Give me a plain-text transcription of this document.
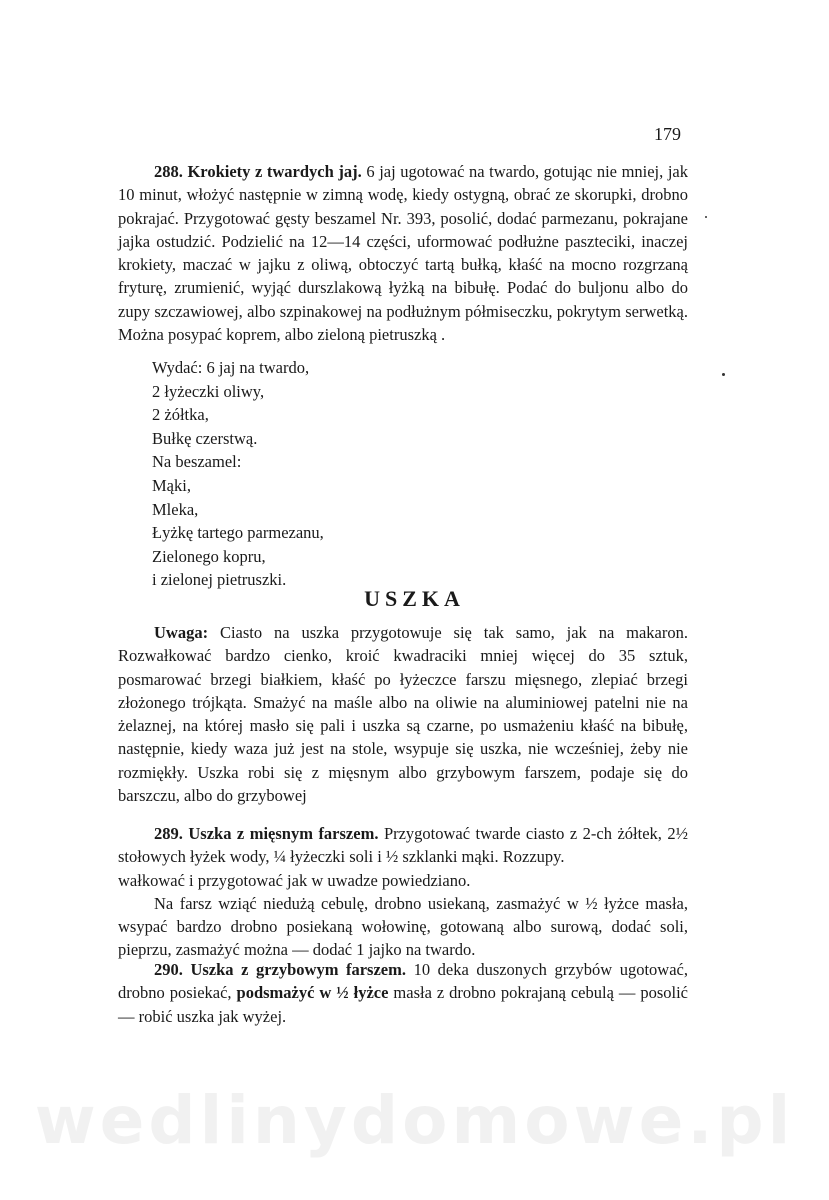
179

288. Krokiety z twardych jaj. 6 jaj ugotować na twardo, gotując nie mniej, jak 10 minut, włożyć następnie w zimną wodę, kiedy ostygną, obrać ze skorupki, drobno pokrajać. Przygotować gęsty beszamel Nr. 393, posolić, dodać parmezanu, pokrajane jajka ostudzić. Podzielić na 12—14 części, uformować podłużne paszteciki, inaczej krokiety, maczać w jajku z oliwą, obtoczyć tartą bułką, kłaść na mocno rozgrzaną fryturę, zrumienić, wyjąć durszlakową łyżką na bibułę. Podać do buljonu albo do zupy szczawiowej, albo szpinakowej na podłużnym półmiseczku, pokrytym serwetką. Można posypać koprem, albo zieloną pietruszką .

Wydać: 6 jaj na twardo,
2 łyżeczki oliwy,
2 żółtka,
Bułkę czerstwą.
Na beszamel:
Mąki,
Mleka,
Łyżkę tartego parmezanu,
Zielonego kopru,
i zielonej pietruszki.
USZKA

Uwaga: Ciasto na uszka przygotowuje się tak samo, jak na makaron. Rozwałkować bardzo cienko, kroić kwadraciki mniej więcej do 35 sztuk, posmarować brzegi białkiem, kłaść po łyżeczce farszu mięsnego, zlepiać brzegi złożonego trójkąta. Smażyć na maśle albo na oliwie na aluminiowej patelni nie na żelaznej, na której masło się pali i uszka są czarne, po usmażeniu kłaść na bibułę, następnie, kiedy waza już jest na stole, wsypuje się uszka, nie wcześniej, żeby nie rozmiękły. Uszka robi się z mięsnym albo grzybowym farszem, podaje się do barszczu, albo do grzybowej

289. Uszka z mięsnym farszem. Przygotować twarde ciasto z 2-ch żółtek, 2½ stołowych łyżek wody, ¼ łyżeczki soli i ½ szklanki mąki. Rozzupy.

wałkować i przygotować jak w uwadze powiedziano.

Na farsz wziąć niedużą cebulę, drobno usiekaną, zasmażyć w ½ łyżce masła, wsypać bardzo drobno posiekaną wołowinę, gotowaną albo surową, dodać soli, pieprzu, zasmażyć można — dodać 1 jajko na twardo.

290. Uszka z grzybowym farszem. 10 deka duszonych grzybów ugotować, drobno posiekać, podsmażyć w ½ łyżce masła z drobno pokrajaną cebulą — posolić — robić uszka jak wyżej.

wedlinydomowe.pl
